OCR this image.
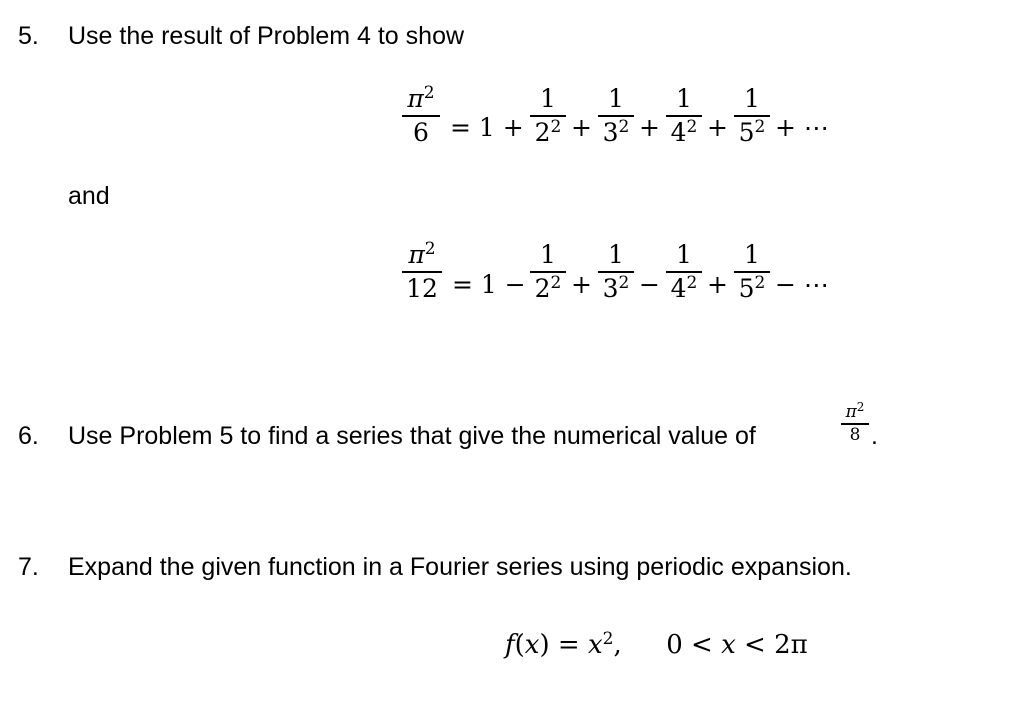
5. Use the result of Problem 4 to show
$\pi^2$
6 = 1 +
1
$2^2$ +
1
$3^2$ +
1
$4^2$ +
1
$5^2$ + ⋯
and
$\pi^2$
12 = 1 −
1
$2^2$ +
1
$3^2$ −
1
$4^2$ +
1
$5^2$ − ⋯
6. Use Problem 5 to find a series that give the numerical value of
$\pi^2$
8 .
7. Expand the given function in a Fourier series using periodic expansion.
$f(x) = x^2$, 0 < x < 2π
